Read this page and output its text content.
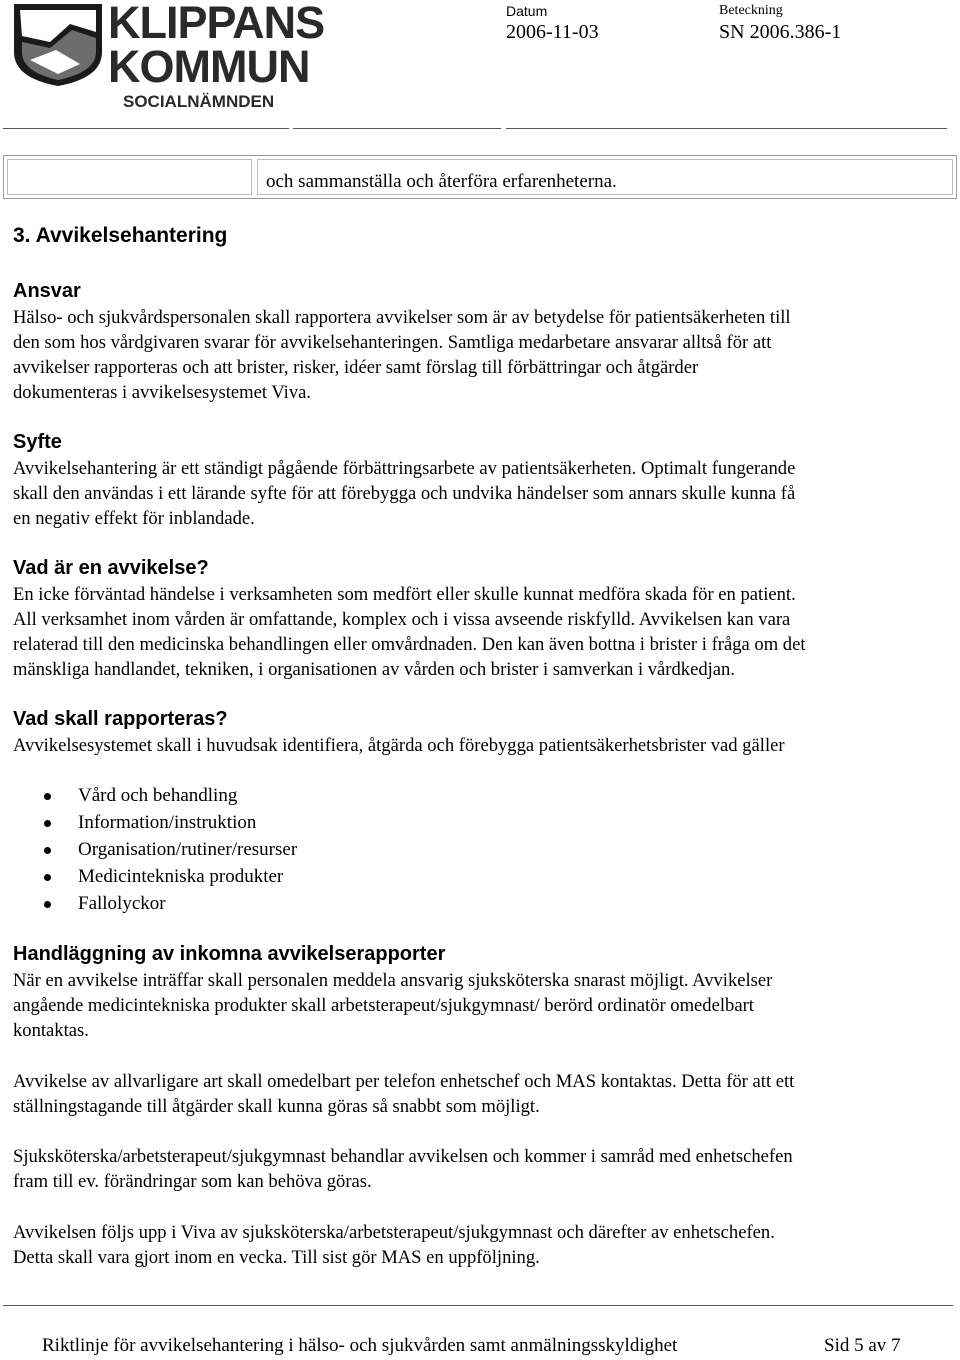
KLIPPANS
KOMMUN
SOCIALNÄMNDEN
Datum
2006-11-03
Beteckning
SN 2006.386-1
och sammanställa och återföra erfarenheterna.
3. Avvikelsehantering
Ansvar
Hälso- och sjukvårdspersonalen skall rapportera avvikelser som är av betydelse för patientsäkerheten till
den som hos vårdgivaren svarar för avvikelsehanteringen. Samtliga medarbetare ansvarar alltså för att
avvikelser rapporteras och att brister, risker, idéer samt förslag till förbättringar och åtgärder
dokumenteras i avvikelsesystemet Viva.
Syfte
Avvikelsehantering är ett ständigt pågående förbättringsarbete av patientsäkerheten. Optimalt fungerande
skall den användas i ett lärande syfte för att förebygga och undvika händelser som annars skulle kunna få
en negativ effekt för inblandade.
Vad är en avvikelse?
En icke förväntad händelse i verksamheten som medfört eller skulle kunnat medföra skada för en patient.
All verksamhet inom vården är omfattande, komplex och i vissa avseende riskfylld. Avvikelsen kan vara
relaterad till den medicinska behandlingen eller omvårdnaden. Den kan även bottna i brister i fråga om det
mänskliga handlandet, tekniken, i organisationen av vården och brister i samverkan i vårdkedjan.
Vad skall rapporteras?
Avvikelsesystemet skall i huvudsak identifiera, åtgärda och förebygga patientsäkerhetsbrister vad gäller
Vård och behandling
Information/instruktion
Organisation/rutiner/resurser
Medicintekniska produkter
Fallolyckor
Handläggning av inkomna avvikelserapporter
När en avvikelse inträffar skall personalen meddela ansvarig sjuksköterska snarast möjligt. Avvikelser
angående medicintekniska produkter skall arbetsterapeut/sjukgymnast/ berörd ordinatör omedelbart
kontaktas.
Avvikelse av allvarligare art skall omedelbart per telefon enhetschef och MAS kontaktas. Detta för att ett
ställningstagande till åtgärder skall kunna göras så snabbt som möjligt.
Sjuksköterska/arbetsterapeut/sjukgymnast behandlar avvikelsen och kommer i samråd med enhetschefen
fram till ev. förändringar som kan behöva göras.
Avvikelsen följs upp i Viva av sjuksköterska/arbetsterapeut/sjukgymnast och därefter av enhetschefen.
Detta skall vara gjort inom en vecka. Till sist gör MAS en uppföljning.
Riktlinje för avvikelsehantering i hälso- och sjukvården samt anmälningsskyldighet	Sid 5 av 7
